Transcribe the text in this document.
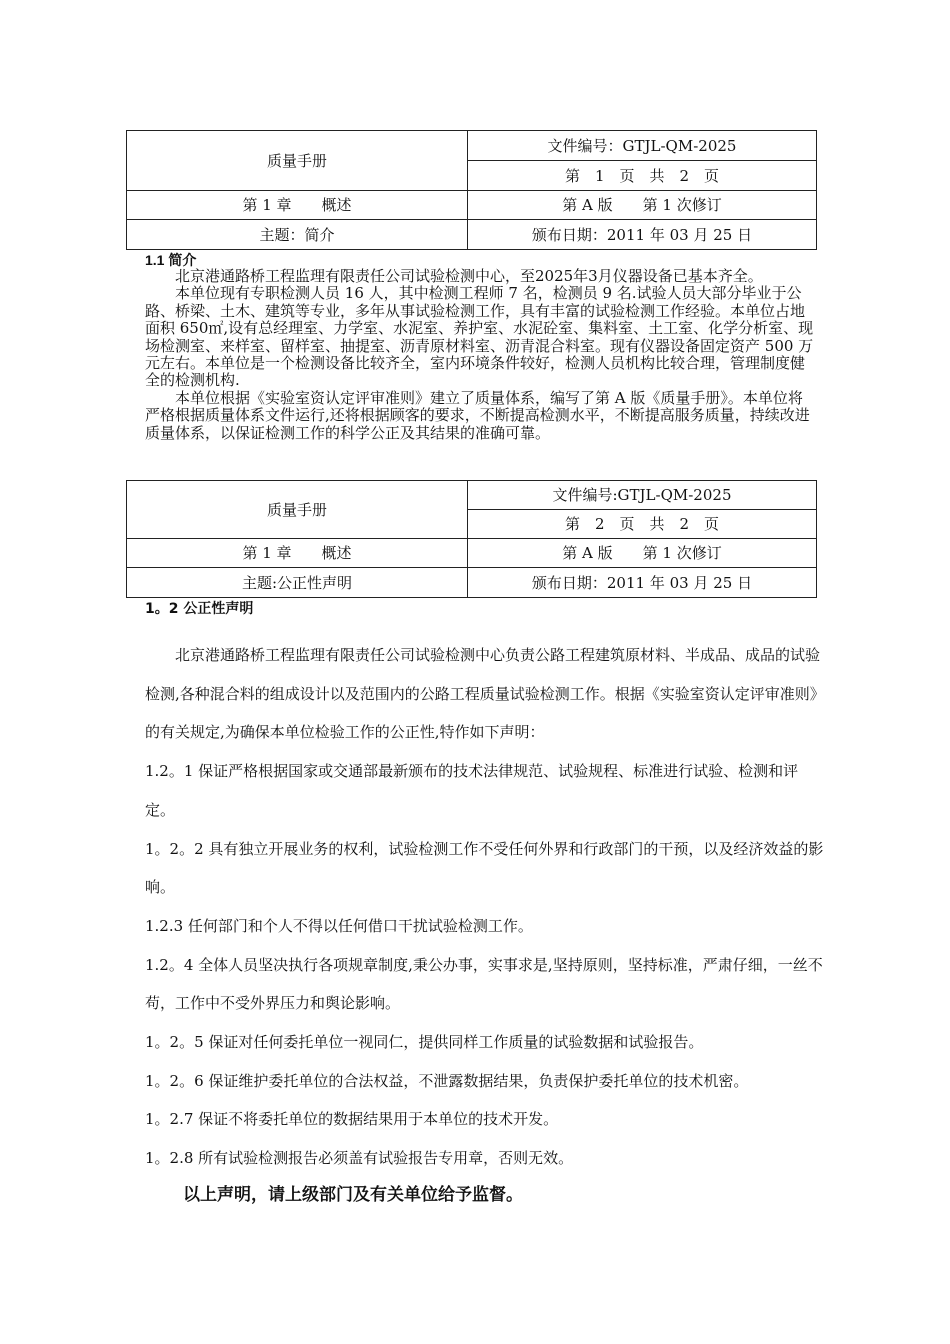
质量手册	文件编号：GTJL-QM-2025
	第　1　页　共　2　页
第 1 章　　概述	第 A 版　　第 1 次修订
主题：简介	颁布日期：2011 年 03 月 25 日
1.1 简介

北京港通路桥工程监理有限责任公司试验检测中心，至2025年3月仪器设备已基本齐全。

本单位现有专职检测人员 16 人，其中检测工程师 7 名，检测员 9 名.试验人员大部分毕业于公路、桥梁、土木、建筑等专业，多年从事试验检测工作，具有丰富的试验检测工作经验。本单位占地面积 650㎡,设有总经理室、力学室、水泥室、养护室、水泥砼室、集料室、土工室、化学分析室、现场检测室、来样室、留样室、抽提室、沥青原材料室、沥青混合料室。现有仪器设备固定资产 500 万元左右。本单位是一个检测设备比较齐全，室内环境条件较好，检测人员机构比较合理，管理制度健全的检测机构.

本单位根据《实验室资认定评审准则》建立了质量体系，编写了第 A 版《质量手册》。本单位将严格根据质量体系文件运行,还将根据顾客的要求，不断提高检测水平，不断提高服务质量，持续改进质量体系，以保证检测工作的科学公正及其结果的准确可靠。

质量手册	文件编号:GTJL-QM-2025
	第　2　页　共　2　页
第 1 章　　概述	第 A 版　　第 1 次修订
主题:公正性声明	颁布日期：2011 年 03 月 25 日
1。2 公正性声明

北京港通路桥工程监理有限责任公司试验检测中心负责公路工程建筑原材料、半成品、成品的试验检测,各种混合料的组成设计以及范围内的公路工程质量试验检测工作。根据《实验室资认定评审准则》的有关规定,为确保本单位检验工作的公正性,特作如下声明：

1.2。1 保证严格根据国家或交通部最新颁布的技术法律规范、试验规程、标准进行试验、检测和评定。

1。2。2 具有独立开展业务的权利，试验检测工作不受任何外界和行政部门的干预，以及经济效益的影响。

1.2.3 任何部门和个人不得以任何借口干扰试验检测工作。

1.2。4 全体人员坚决执行各项规章制度,秉公办事，实事求是,坚持原则，坚持标准，严肃仔细，一丝不苟，工作中不受外界压力和舆论影响。

1。2。5 保证对任何委托单位一视同仁，提供同样工作质量的试验数据和试验报告。

1。2。6 保证维护委托单位的合法权益，不泄露数据结果，负责保护委托单位的技术机密。

1。2.7 保证不将委托单位的数据结果用于本单位的技术开发。

1。2.8 所有试验检测报告必须盖有试验报告专用章，否则无效。

以上声明，请上级部门及有关单位给予监督。
